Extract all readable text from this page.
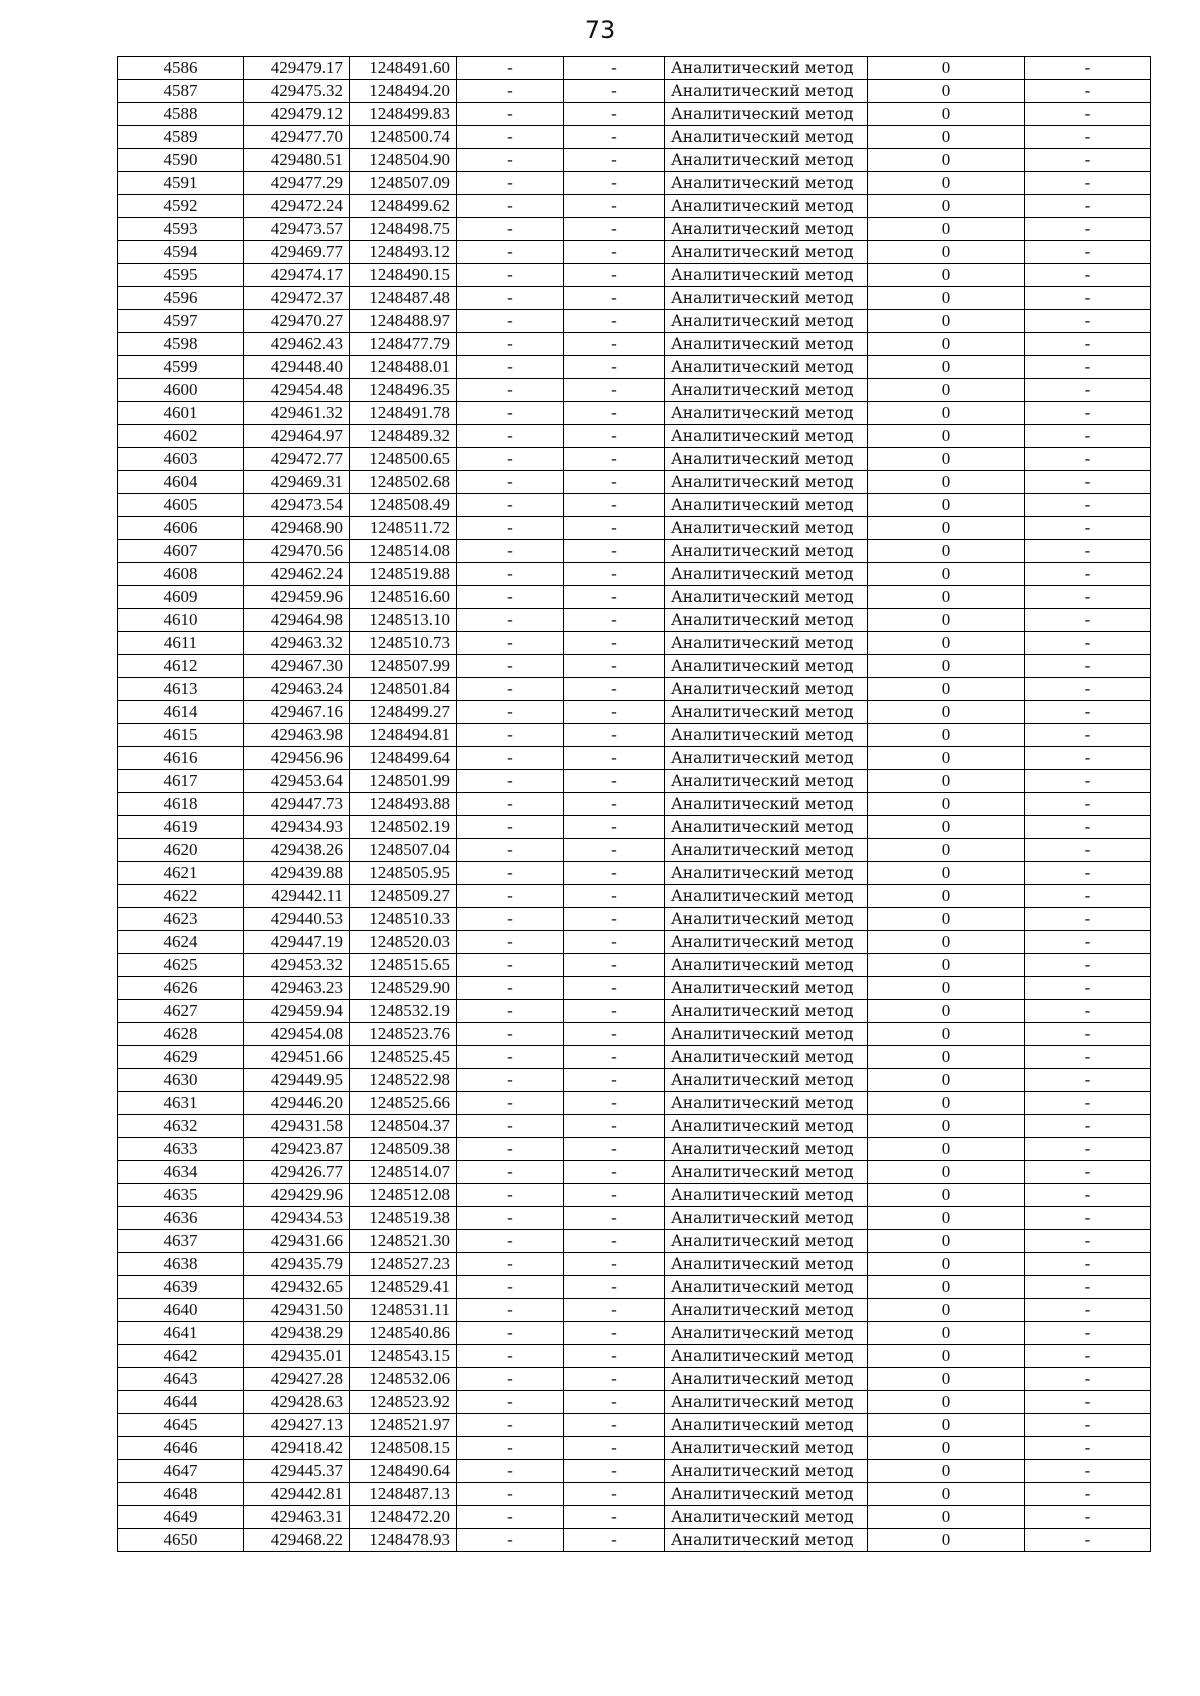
73
4586	429479.17	1248491.60	-	-	Аналитический метод	0	-
4587	429475.32	1248494.20	-	-	Аналитический метод	0	-
4588	429479.12	1248499.83	-	-	Аналитический метод	0	-
4589	429477.70	1248500.74	-	-	Аналитический метод	0	-
4590	429480.51	1248504.90	-	-	Аналитический метод	0	-
4591	429477.29	1248507.09	-	-	Аналитический метод	0	-
4592	429472.24	1248499.62	-	-	Аналитический метод	0	-
4593	429473.57	1248498.75	-	-	Аналитический метод	0	-
4594	429469.77	1248493.12	-	-	Аналитический метод	0	-
4595	429474.17	1248490.15	-	-	Аналитический метод	0	-
4596	429472.37	1248487.48	-	-	Аналитический метод	0	-
4597	429470.27	1248488.97	-	-	Аналитический метод	0	-
4598	429462.43	1248477.79	-	-	Аналитический метод	0	-
4599	429448.40	1248488.01	-	-	Аналитический метод	0	-
4600	429454.48	1248496.35	-	-	Аналитический метод	0	-
4601	429461.32	1248491.78	-	-	Аналитический метод	0	-
4602	429464.97	1248489.32	-	-	Аналитический метод	0	-
4603	429472.77	1248500.65	-	-	Аналитический метод	0	-
4604	429469.31	1248502.68	-	-	Аналитический метод	0	-
4605	429473.54	1248508.49	-	-	Аналитический метод	0	-
4606	429468.90	1248511.72	-	-	Аналитический метод	0	-
4607	429470.56	1248514.08	-	-	Аналитический метод	0	-
4608	429462.24	1248519.88	-	-	Аналитический метод	0	-
4609	429459.96	1248516.60	-	-	Аналитический метод	0	-
4610	429464.98	1248513.10	-	-	Аналитический метод	0	-
4611	429463.32	1248510.73	-	-	Аналитический метод	0	-
4612	429467.30	1248507.99	-	-	Аналитический метод	0	-
4613	429463.24	1248501.84	-	-	Аналитический метод	0	-
4614	429467.16	1248499.27	-	-	Аналитический метод	0	-
4615	429463.98	1248494.81	-	-	Аналитический метод	0	-
4616	429456.96	1248499.64	-	-	Аналитический метод	0	-
4617	429453.64	1248501.99	-	-	Аналитический метод	0	-
4618	429447.73	1248493.88	-	-	Аналитический метод	0	-
4619	429434.93	1248502.19	-	-	Аналитический метод	0	-
4620	429438.26	1248507.04	-	-	Аналитический метод	0	-
4621	429439.88	1248505.95	-	-	Аналитический метод	0	-
4622	429442.11	1248509.27	-	-	Аналитический метод	0	-
4623	429440.53	1248510.33	-	-	Аналитический метод	0	-
4624	429447.19	1248520.03	-	-	Аналитический метод	0	-
4625	429453.32	1248515.65	-	-	Аналитический метод	0	-
4626	429463.23	1248529.90	-	-	Аналитический метод	0	-
4627	429459.94	1248532.19	-	-	Аналитический метод	0	-
4628	429454.08	1248523.76	-	-	Аналитический метод	0	-
4629	429451.66	1248525.45	-	-	Аналитический метод	0	-
4630	429449.95	1248522.98	-	-	Аналитический метод	0	-
4631	429446.20	1248525.66	-	-	Аналитический метод	0	-
4632	429431.58	1248504.37	-	-	Аналитический метод	0	-
4633	429423.87	1248509.38	-	-	Аналитический метод	0	-
4634	429426.77	1248514.07	-	-	Аналитический метод	0	-
4635	429429.96	1248512.08	-	-	Аналитический метод	0	-
4636	429434.53	1248519.38	-	-	Аналитический метод	0	-
4637	429431.66	1248521.30	-	-	Аналитический метод	0	-
4638	429435.79	1248527.23	-	-	Аналитический метод	0	-
4639	429432.65	1248529.41	-	-	Аналитический метод	0	-
4640	429431.50	1248531.11	-	-	Аналитический метод	0	-
4641	429438.29	1248540.86	-	-	Аналитический метод	0	-
4642	429435.01	1248543.15	-	-	Аналитический метод	0	-
4643	429427.28	1248532.06	-	-	Аналитический метод	0	-
4644	429428.63	1248523.92	-	-	Аналитический метод	0	-
4645	429427.13	1248521.97	-	-	Аналитический метод	0	-
4646	429418.42	1248508.15	-	-	Аналитический метод	0	-
4647	429445.37	1248490.64	-	-	Аналитический метод	0	-
4648	429442.81	1248487.13	-	-	Аналитический метод	0	-
4649	429463.31	1248472.20	-	-	Аналитический метод	0	-
4650	429468.22	1248478.93	-	-	Аналитический метод	0	-
